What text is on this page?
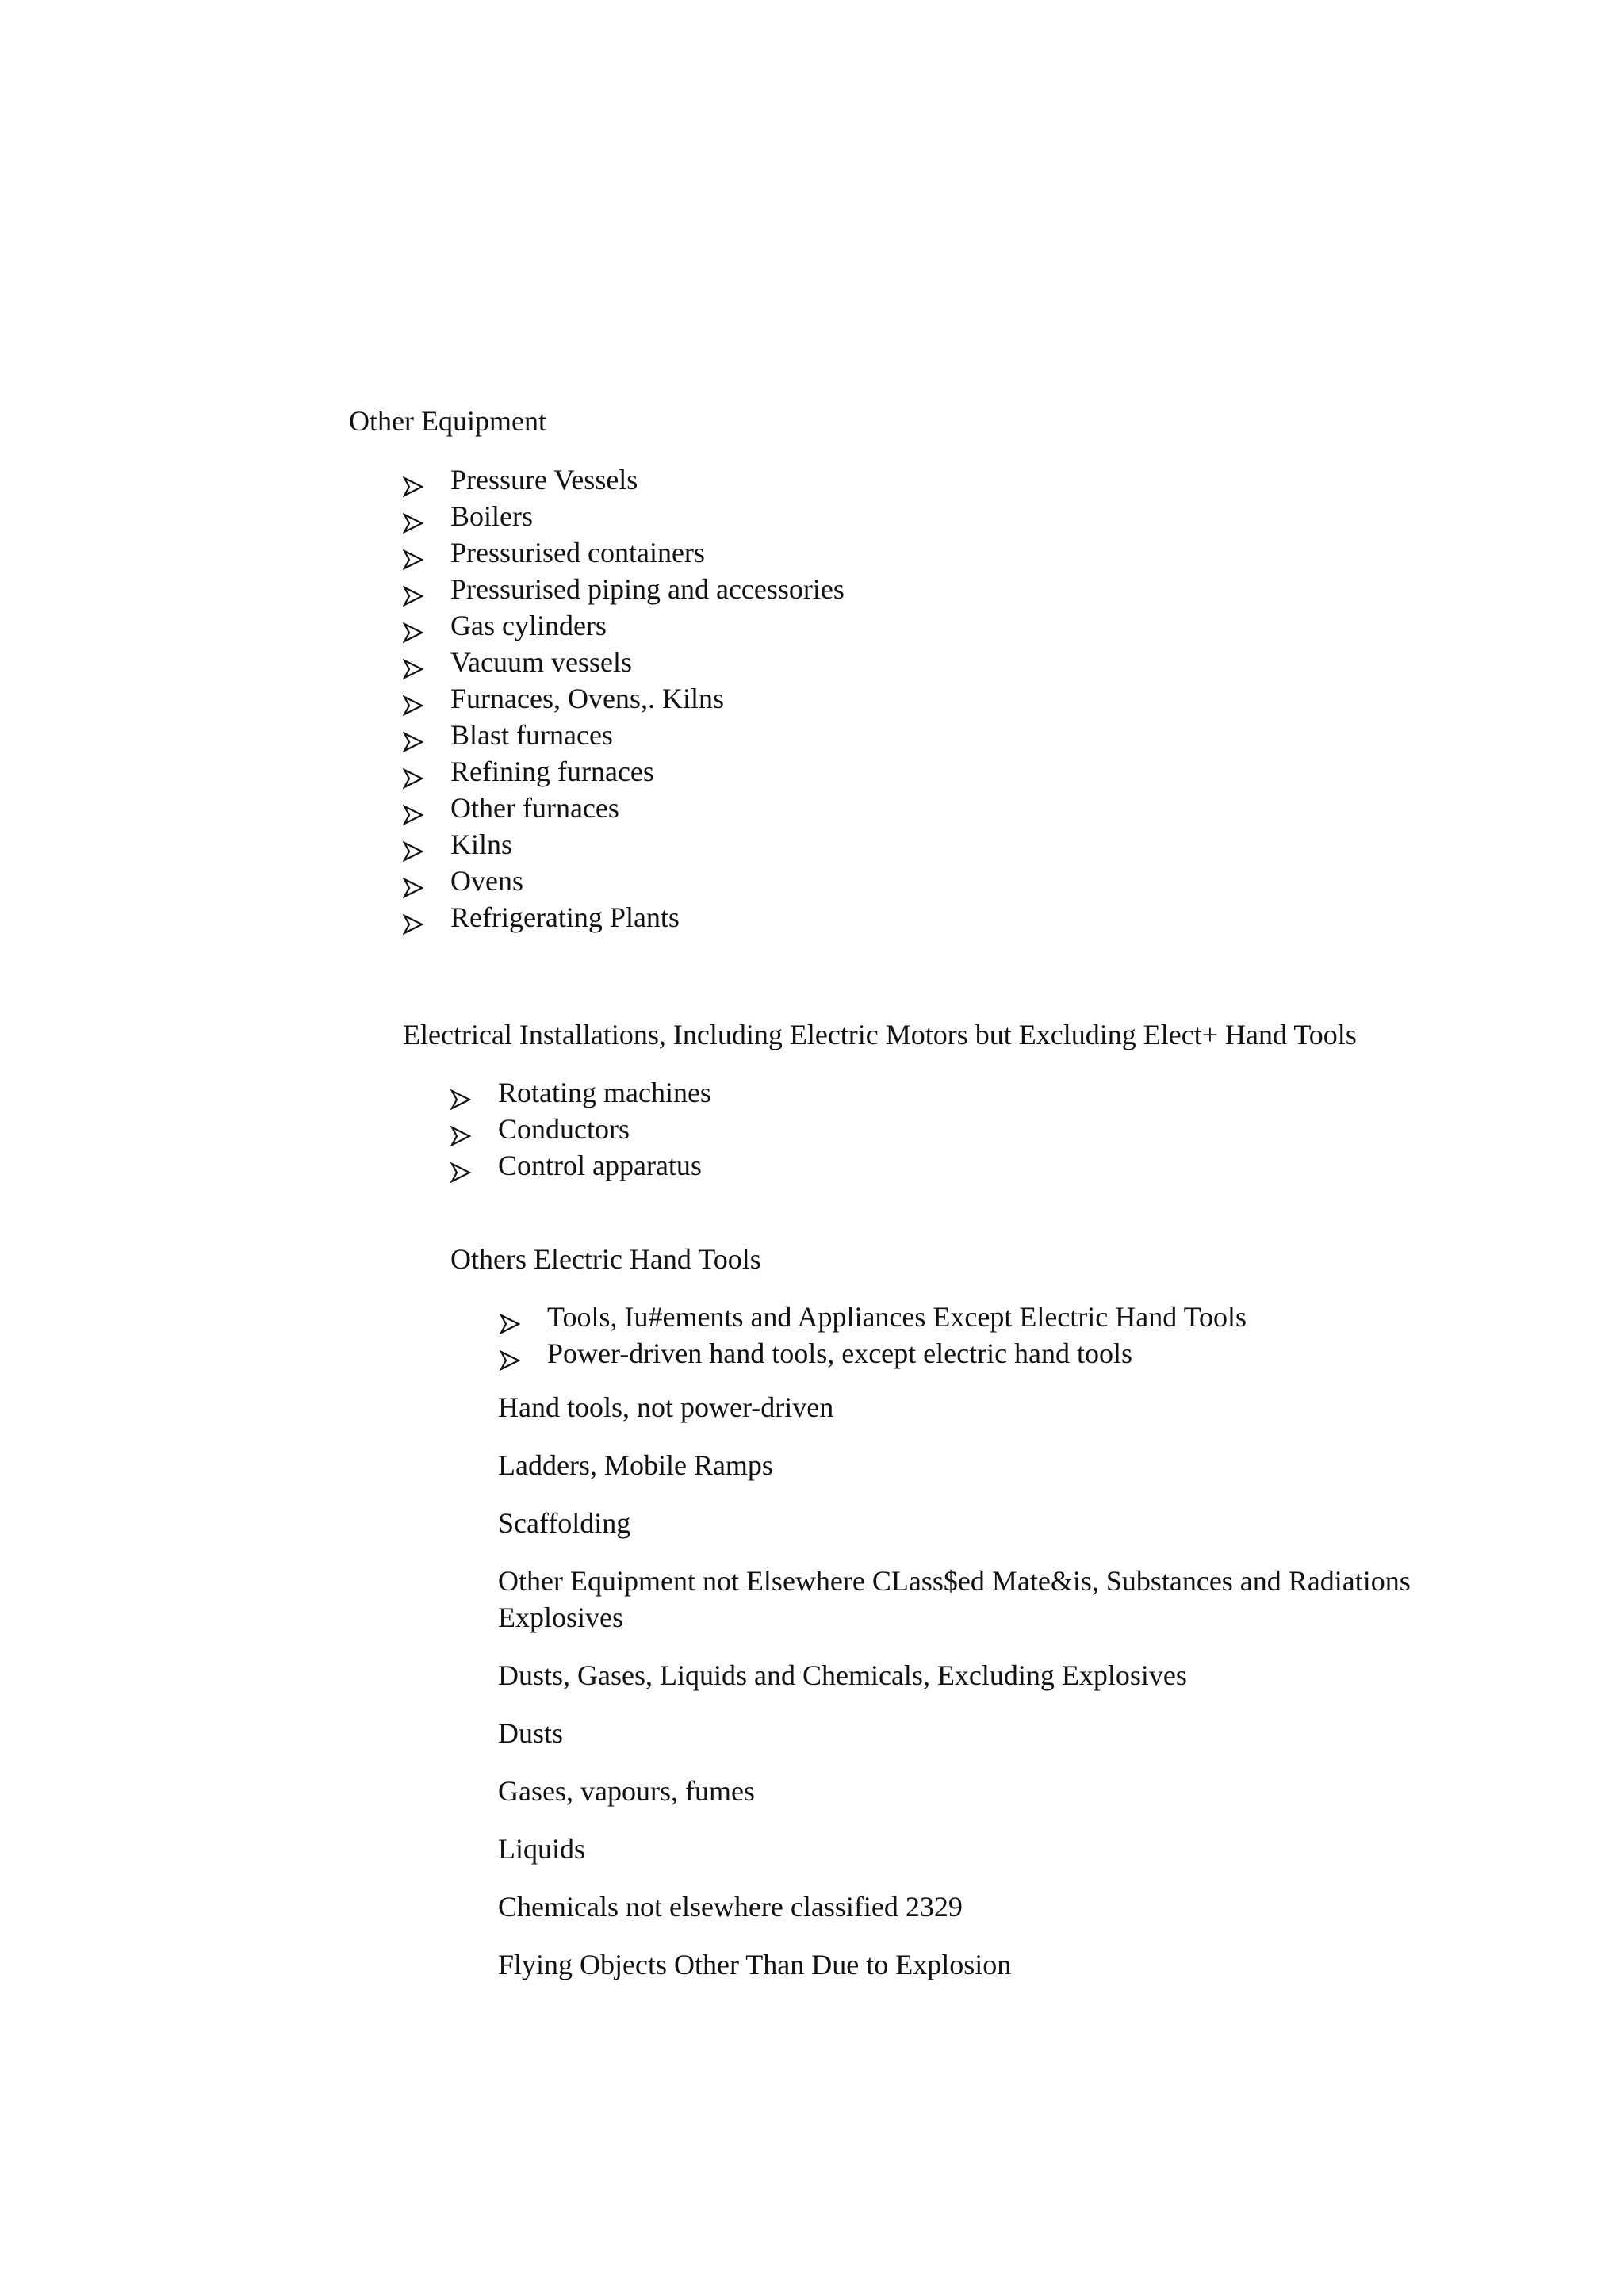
Other Equipment
Pressure Vessels
Boilers
Pressurised containers
Pressurised piping and accessories
Gas cylinders
Vacuum vessels
Furnaces, Ovens,. Kilns
Blast furnaces
Refining furnaces
Other furnaces
Kilns
Ovens
Refrigerating Plants
Electrical Installations, Including Electric Motors but Excluding Elect+ Hand Tools
Rotating machines
Conductors
Control apparatus
Others Electric Hand Tools
Tools, Iu#ements and Appliances Except Electric Hand Tools
Power-driven hand tools, except electric hand tools
Hand tools, not power-driven
Ladders, Mobile Ramps
Scaffolding
Other Equipment not Elsewhere CLass$ed Mate&is, Substances and Radiations
Explosives
Dusts, Gases, Liquids and Chemicals, Excluding Explosives
Dusts
Gases, vapours, fumes
Liquids
Chemicals not elsewhere classified 2329
Flying Objects Other Than Due to Explosion
